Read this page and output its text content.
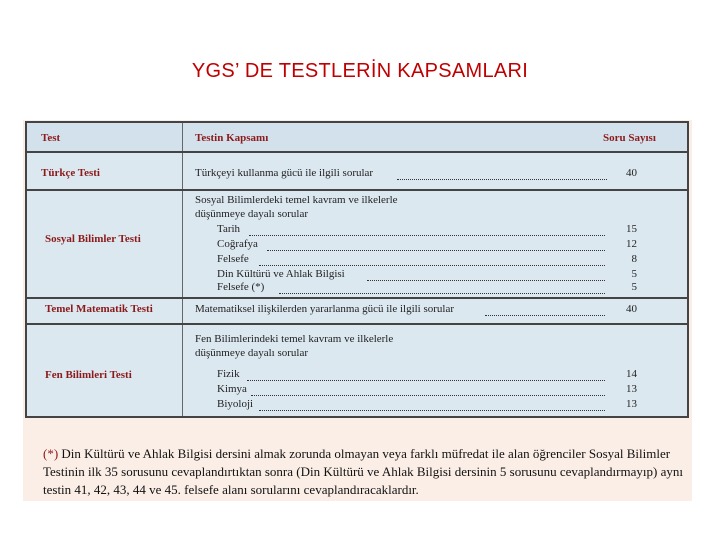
YGS’ DE TESTLERİN KAPSAMLARI
Test	Testin Kapsamı	Soru Sayısı
Türkçe Testi	Türkçeyi kullanma gücü ile ilgili sorular	40
Sosyal Bilimler Testi
Sosyal Bilimlerdeki temel kavram ve ilkelerle
düşünmeye dayalı sorular
Tarih	15
Coğrafya	12
Felsefe	8
Din Kültürü ve Ahlak Bilgisi	5
Felsefe (*)	5
Temel Matematik Testi	Matematiksel ilişkilerden yararlanma gücü ile ilgili sorular	40
Fen Bilimleri Testi
Fen Bilimlerindeki temel kavram ve ilkelerle
düşünmeye dayalı sorular
Fizik	14
Kimya	13
Biyoloji	13
(*) Din Kültürü ve Ahlak Bilgisi dersini almak zorunda olmayan veya farklı müfredat ile alan öğrenciler Sosyal Bilimler Testinin ilk 35 sorusunu cevaplandırtıktan sonra (Din Kültürü ve Ahlak Bilgisi dersinin 5 sorusunu cevaplandırmayıp) aynı testin 41, 42, 43, 44 ve 45. felsefe alanı sorularını cevaplandıracaklardır.
